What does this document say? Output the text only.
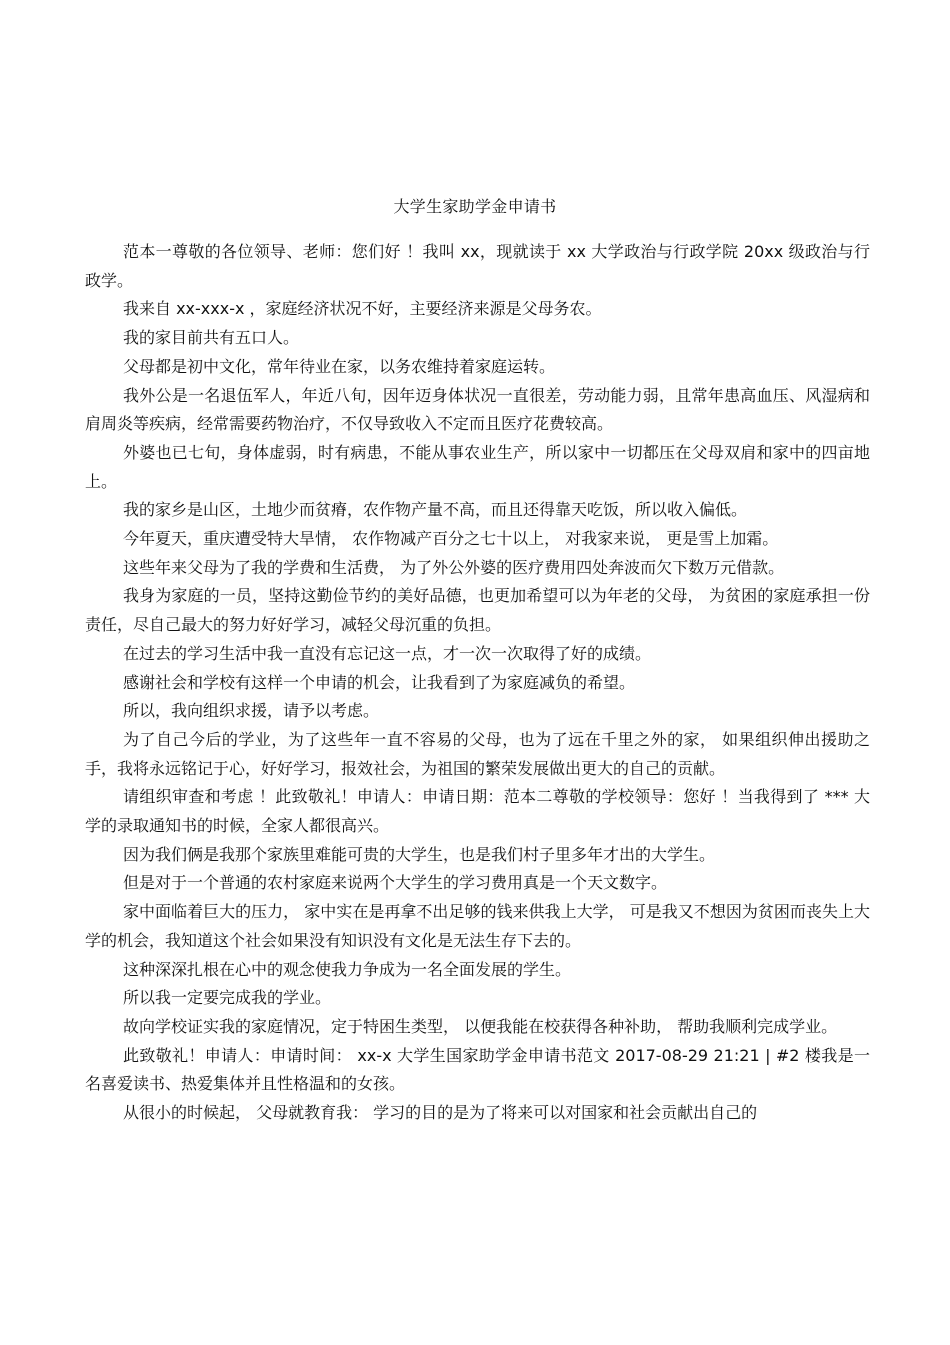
大学生家助学金申请书

范本一尊敬的各位领导、老师：您们好 ！我叫 xx，现就读于 xx 大学政治与行政学院 20xx 级政治与行政学。

我来自 xx-xxx-x ，家庭经济状况不好，主要经济来源是父母务农。

我的家目前共有五口人。

父母都是初中文化，常年待业在家，以务农维持着家庭运转。

我外公是一名退伍军人，年近八旬，因年迈身体状况一直很差，劳动能力弱，且常年患高血压、风湿病和肩周炎等疾病，经常需要药物治疗，不仅导致收入不定而且医疗花费较高。

外婆也已七旬，身体虚弱，时有病患，不能从事农业生产，所以家中一切都压在父母双肩和家中的四亩地上。

我的家乡是山区，土地少而贫瘠，农作物产量不高，而且还得靠天吃饭，所以收入偏低。

今年夏天，重庆遭受特大旱情， 农作物减产百分之七十以上， 对我家来说， 更是雪上加霜。

这些年来父母为了我的学费和生活费， 为了外公外婆的医疗费用四处奔波而欠下数万元借款。

我身为家庭的一员，坚持这勤俭节约的美好品德，也更加希望可以为年老的父母， 为贫困的家庭承担一份责任，尽自己最大的努力好好学习，减轻父母沉重的负担。

在过去的学习生活中我一直没有忘记这一点，才一次一次取得了好的成绩。

感谢社会和学校有这样一个申请的机会，让我看到了为家庭减负的希望。

所以，我向组织求援，请予以考虑。

为了自己今后的学业，为了这些年一直不容易的父母，也为了远在千里之外的家， 如果组织伸出援助之手，我将永远铭记于心，好好学习，报效社会，为祖国的繁荣发展做出更大的自己的贡献。

请组织审查和考虑 ！此致敬礼！申请人：申请日期：范本二尊敬的学校领导：您好 ！当我得到了 *** 大学的录取通知书的时候，全家人都很高兴。

因为我们俩是我那个家族里难能可贵的大学生，也是我们村子里多年才出的大学生。

但是对于一个普通的农村家庭来说两个大学生的学习费用真是一个天文数字。

家中面临着巨大的压力， 家中实在是再拿不出足够的钱来供我上大学， 可是我又不想因为贫困而丧失上大学的机会，我知道这个社会如果没有知识没有文化是无法生存下去的。

这种深深扎根在心中的观念使我力争成为一名全面发展的学生。

所以我一定要完成我的学业。

故向学校证实我的家庭情况，定于特困生类型， 以便我能在校获得各种补助， 帮助我顺利完成学业。

此致敬礼！申请人：申请时间： xx-x 大学生国家助学金申请书范文 2017-08-29 21:21 | #2 楼我是一名喜爱读书、热爱集体并且性格温和的女孩。

从很小的时候起， 父母就教育我： 学习的目的是为了将来可以对国家和社会贡献出自己的
